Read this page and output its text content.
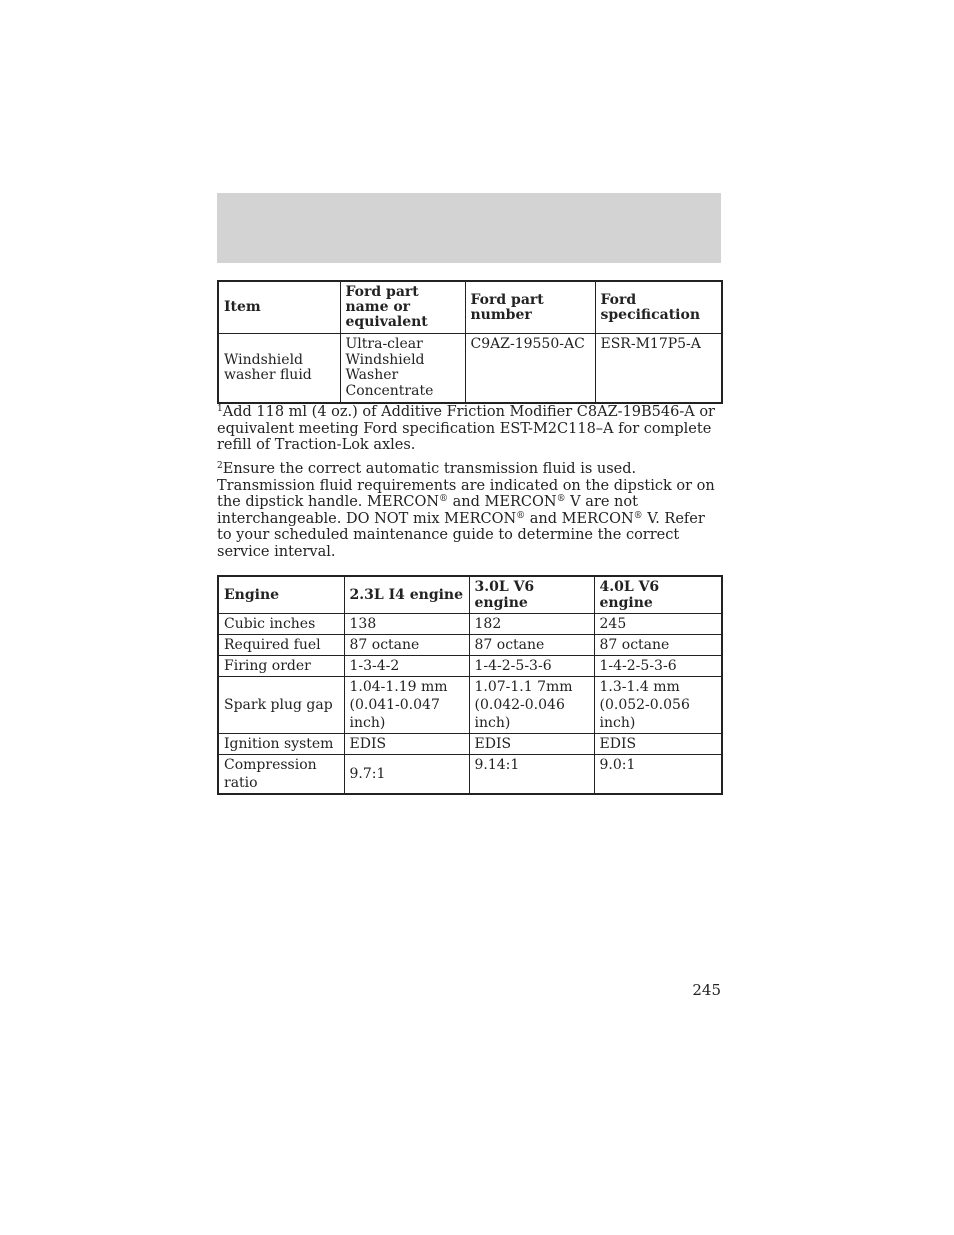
Item	Ford part name or equivalent	Ford part number	Ford specification
Windshield washer fluid	Ultra-clear Windshield Washer Concentrate	C9AZ-19550-AC	ESR-M17P5-A

$^1$Add 118 ml (4 oz.) of Additive Friction Modifier C8AZ-19B546-A or equivalent meeting Ford specification EST-M2C118–A for complete refill of Traction-Lok axles.

$^2$Ensure the correct automatic transmission fluid is used. Transmission fluid requirements are indicated on the dipstick or on the dipstick handle. MERCON® and MERCON® V are not interchangeable. DO NOT mix MERCON® and MERCON® V. Refer to your scheduled maintenance guide to determine the correct service interval.

Engine	2.3L I4 engine	3.0L V6 engine	4.0L V6 engine
Cubic inches	138	182	245
Required fuel	87 octane	87 octane	87 octane
Firing order	1-3-4-2	1-4-2-5-3-6	1-4-2-5-3-6
Spark plug gap	1.04-1.19 mm (0.041-0.047 inch)	1.07-1.1 7mm (0.042-0.046 inch)	1.3-1.4 mm (0.052-0.056 inch)
Ignition system	EDIS	EDIS	EDIS
Compression ratio	9.7:1	9.14:1	9.0:1
245
